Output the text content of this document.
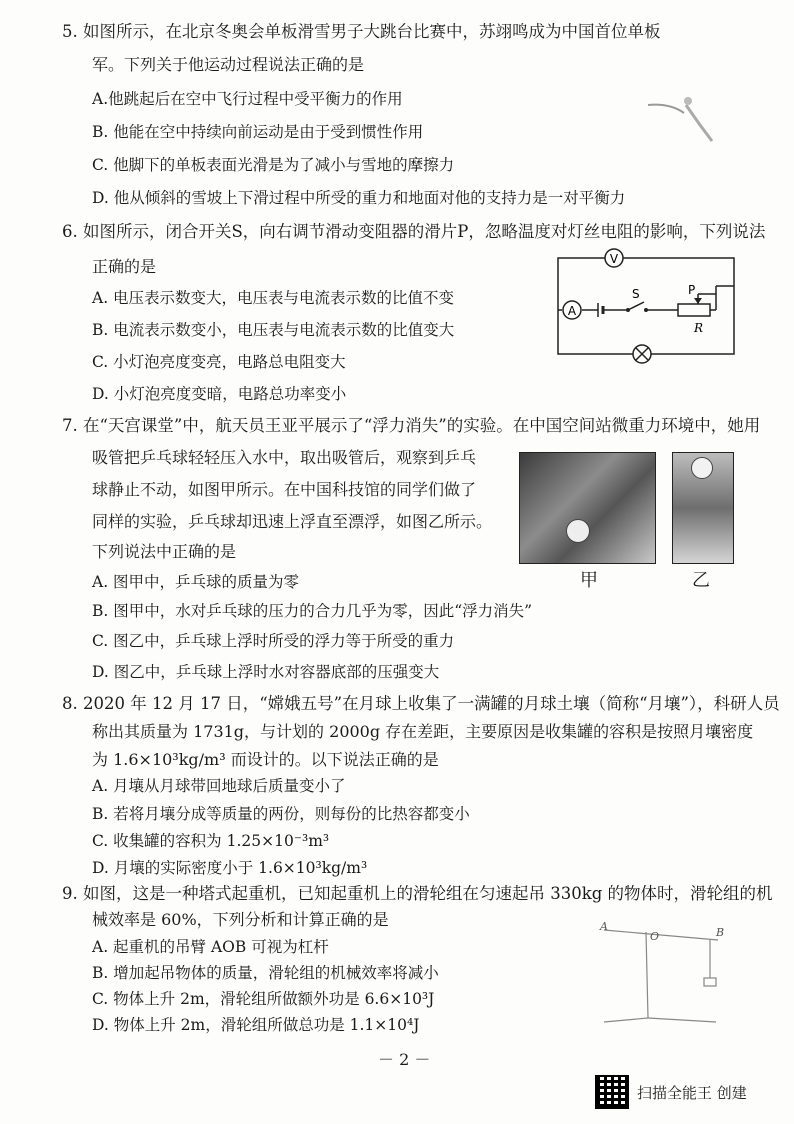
5. 如图所示，在北京冬奥会单板滑雪男子大跳台比赛中，苏翊鸣成为中国首位单板
军。下列关于他运动过程说法正确的是
A.他跳起后在空中飞行过程中受平衡力的作用
B. 他能在空中持续向前运动是由于受到惯性作用
C. 他脚下的单板表面光滑是为了减小与雪地的摩擦力
D. 他从倾斜的雪坡上下滑过程中所受的重力和地面对他的支持力是一对平衡力
6. 如图所示，闭合开关S，向右调节滑动变阻器的滑片P，忽略温度对灯丝电阻的影响，下列说法
正确的是
A. 电压表示数变大，电压表与电流表示数的比值不变
B. 电流表示数变小，电压表与电流表示数的比值变大
C. 小灯泡亮度变亮，电路总电阻变大
D. 小灯泡亮度变暗，电路总功率变小
V
A
S	P
R
7. 在“天宫课堂”中，航天员王亚平展示了“浮力消失”的实验。在中国空间站微重力环境中，她用
吸管把乒乓球轻轻压入水中，取出吸管后，观察到乒乓
球静止不动，如图甲所示。在中国科技馆的同学们做了
同样的实验，乒乓球却迅速上浮直至漂浮，如图乙所示。
下列说法中正确的是
A. 图甲中，乒乓球的质量为零
B. 图甲中，水对乒乓球的压力的合力几乎为零，因此“浮力消失”
C. 图乙中，乒乓球上浮时所受的浮力等于所受的重力
D. 图乙中，乒乓球上浮时水对容器底部的压强变大
甲	乙
8. 2020 年 12 月 17 日，“嫦娥五号”在月球上收集了一满罐的月球土壤（简称“月壤”），科研人员
称出其质量为 1731g，与计划的 2000g 存在差距，主要原因是收集罐的容积是按照月壤密度
为 1.6×10³kg/m³ 而设计的。以下说法正确的是
A. 月壤从月球带回地球后质量变小了
B. 若将月壤分成等质量的两份，则每份的比热容都变小
C. 收集罐的容积为 1.25×10⁻³m³
D. 月壤的实际密度小于 1.6×10³kg/m³
9. 如图，这是一种塔式起重机，已知起重机上的滑轮组在匀速起吊 330kg 的物体时，滑轮组的机
械效率是 60%，下列分析和计算正确的是
A. 起重机的吊臂 AOB 可视为杠杆
B. 增加起吊物体的质量，滑轮组的机械效率将减小
C. 物体上升 2m，滑轮组所做额外功是 6.6×10³J
D. 物体上升 2m，滑轮组所做总功是 1.1×10⁴J
A
O	B
－ 2 －
扫描全能王 创建
